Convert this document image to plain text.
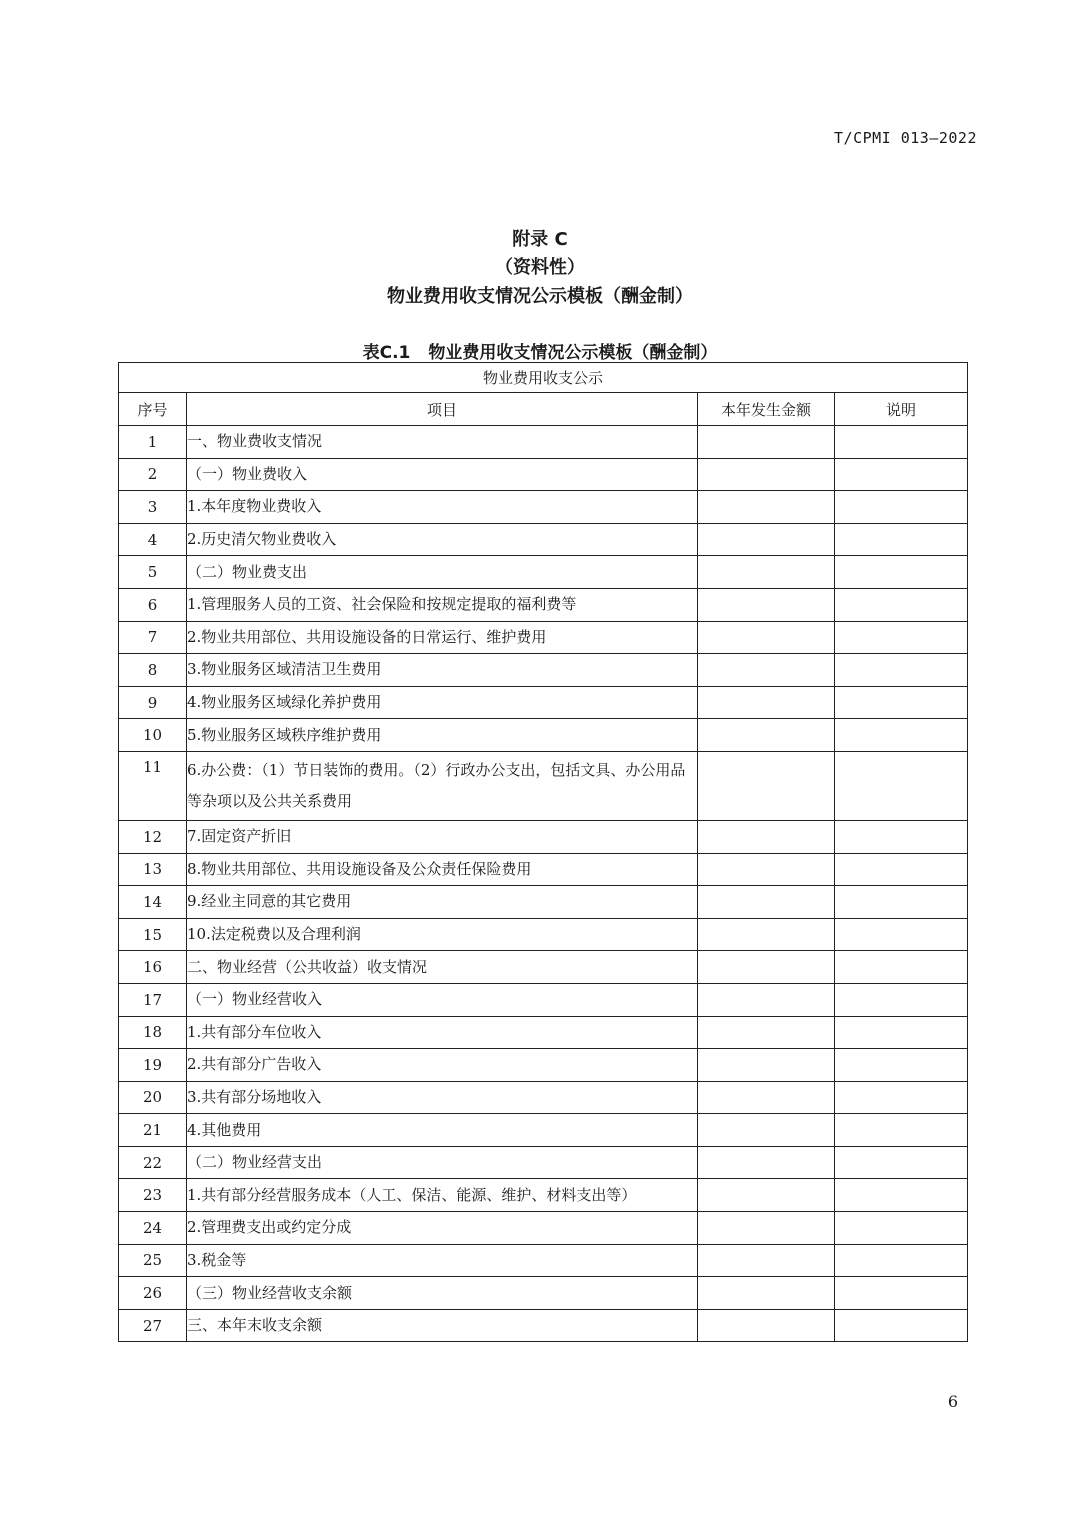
T/CPMI 013—2022
附录 C
（资料性）
物业费用收支情况公示模板（酬金制）
表C.1 物业费用收支情况公示模板（酬金制）
物业费用收支公示			
序号	项目	本年发生金额	说明
1	一、物业费收支情况		
2	（一）物业费收入		
3	1.本年度物业费收入		
4	2.历史清欠物业费收入		
5	（二）物业费支出		
6	1.管理服务人员的工资、社会保险和按规定提取的福利费等		
7	2.物业共用部位、共用设施设备的日常运行、维护费用		
8	3.物业服务区域清洁卫生费用		
9	4.物业服务区域绿化养护费用		
10	5.物业服务区域秩序维护费用		
11	6.办公费：（1）节日装饰的费用。（2）行政办公支出，包括文具、办公用品等杂项以及公共关系费用		
12	7.固定资产折旧		
13	8.物业共用部位、共用设施设备及公众责任保险费用		
14	9.经业主同意的其它费用		
15	10.法定税费以及合理利润		
16	二、物业经营（公共收益）收支情况		
17	（一）物业经营收入		
18	1.共有部分车位收入		
19	2.共有部分广告收入		
20	3.共有部分场地收入		
21	4.其他费用		
22	（二）物业经营支出		
23	1.共有部分经营服务成本（人工、保洁、能源、维护、材料支出等）		
24	2.管理费支出或约定分成		
25	3.税金等		
26	（三）物业经营收支余额		
27	三、本年末收支余额		
6
